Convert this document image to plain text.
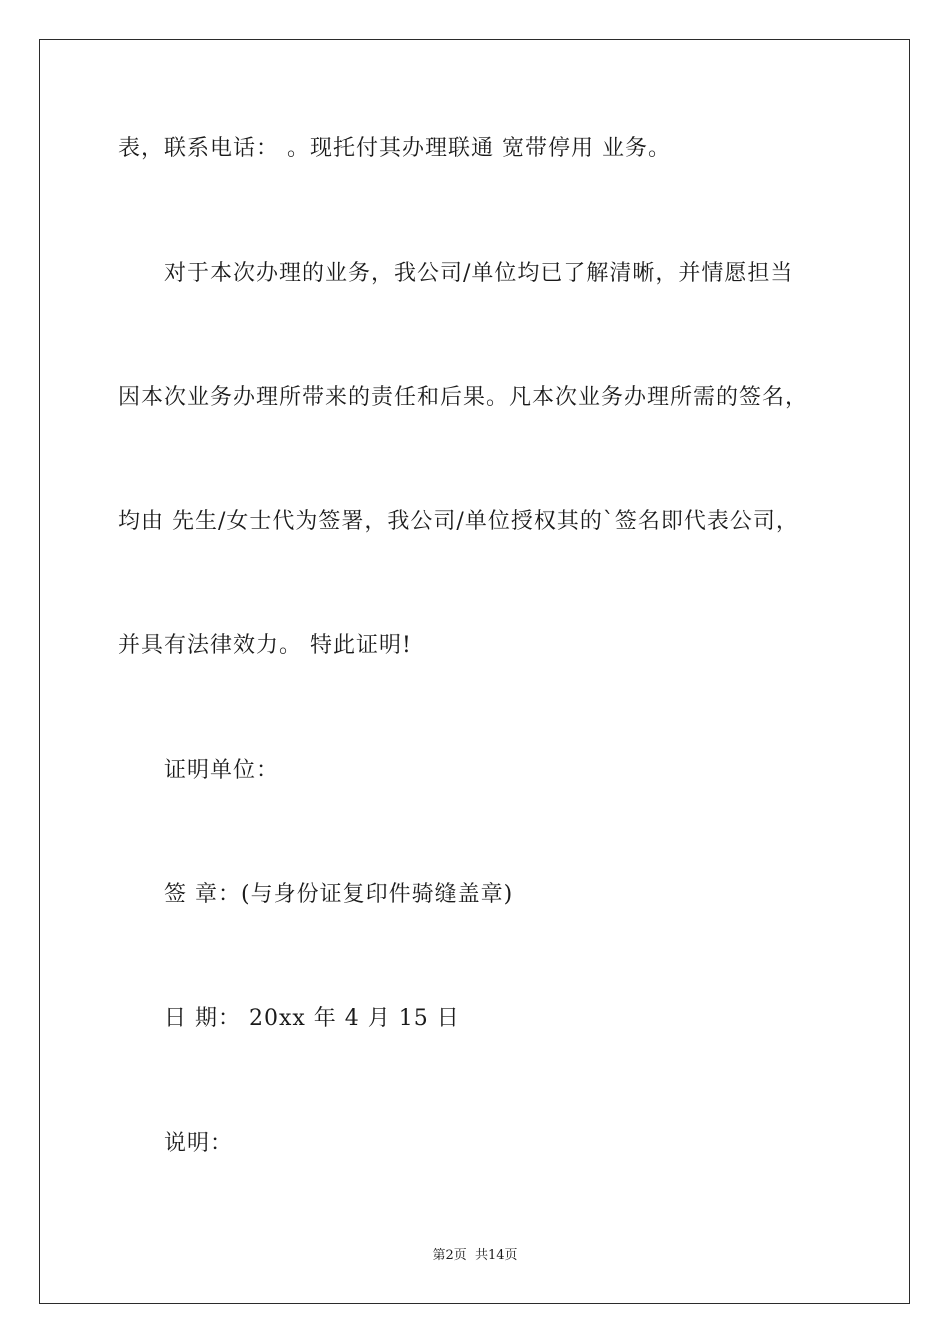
表，联系电话： 。现托付其办理联通 宽带停用 业务。
对于本次办理的业务，我公司/单位均已了解清晰，并情愿担当
因本次业务办理所带来的责任和后果。凡本次业务办理所需的签名，
均由 先生/女士代为签署，我公司/单位授权其的`签名即代表公司，
并具有法律效力。 特此证明!
证明单位：
签 章：(与身份证复印件骑缝盖章)
日 期： 20xx 年 4 月 15 日
说明：
第2页  共14页
